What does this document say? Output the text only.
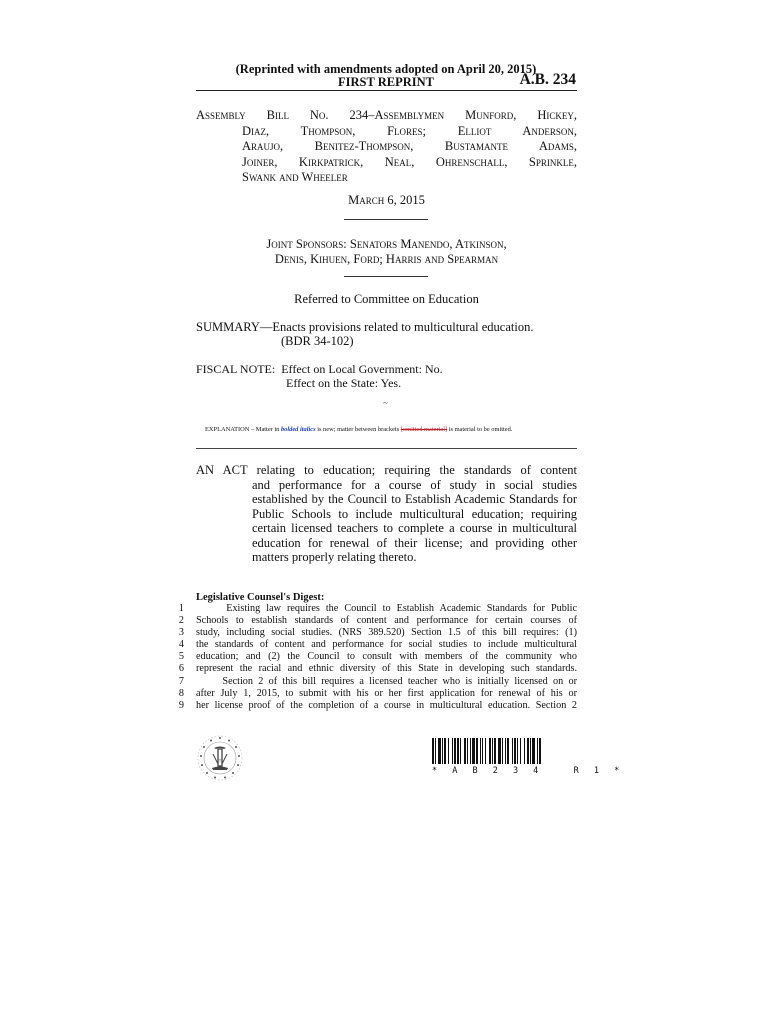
(Reprinted with amendments adopted on April 20, 2015)
FIRST REPRINT	A.B. 234
Assembly Bill No. 234–Assemblymen Munford, Hickey,
Diaz, Thompson, Flores; Elliot Anderson,
Araujo, Benitez-Thompson, Bustamante Adams,
Joiner, Kirkpatrick, Neal, Ohrenschall, Sprinkle,
Swank and Wheeler
March 6, 2015
Joint Sponsors: Senators Manendo, Atkinson,
Denis, Kihuen, Ford; Harris and Spearman
Referred to Committee on Education
SUMMARY—Enacts provisions related to multicultural education.
(BDR 34-102)
FISCAL NOTE:  Effect on Local Government: No.
Effect on the State: Yes.
~
EXPLANATION – Matter in bolded italics is new; matter between brackets [omitted material] is material to be omitted.
AN ACT relating to education; requiring the standards of content
and performance for a course of study in social studies established by the Council to Establish Academic Standards for Public Schools to include multicultural education; requiring certain licensed teachers to complete a course in multicultural education for renewal of their license; and providing other matters properly relating thereto.
Legislative Counsel's Digest:
1
2
3
4
5
6
7
8
9
Existing law requires the Council to Establish Academic Standards for Public
Schools to establish standards of content and performance for certain courses of
study, including social studies. (NRS 389.520) Section 1.5 of this bill requires: (1)
the standards of content and performance for social studies to include multicultural
education; and (2) the Council to consult with members of the community who
represent the racial and ethnic diversity of this State in developing such standards.
Section 2 of this bill requires a licensed teacher who is initially licensed on or
after July 1, 2015, to submit with his or her first application for renewal of his or
her license proof of the completion of a course in multicultural education. Section 2
†
* A B 2 3 4   R 1 *
